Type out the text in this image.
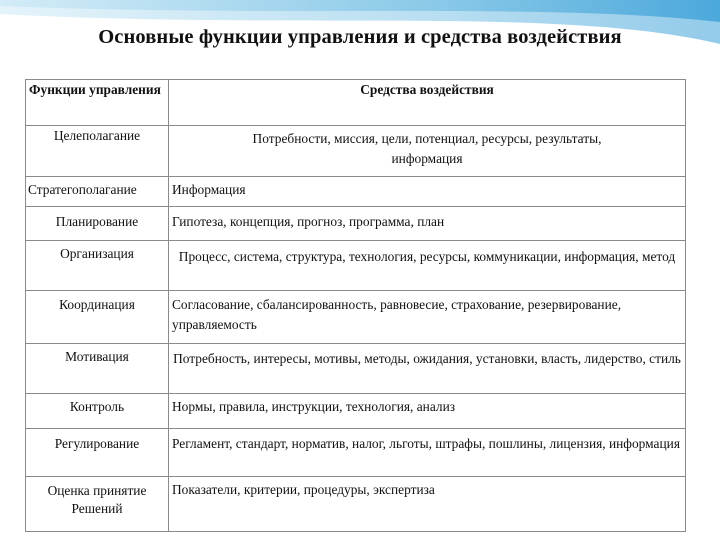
Основные функции управления и средства воздействия
Функции управления	Средства воздействия
Целеполагание	Потребности, миссия, цели, потенциал, ресурсы, результаты, информация
Стратегополагание	Информация
Планирование	Гипотеза, концепция, прогноз, программа, план
Организация	Процесс, система, структура, технология, ресурсы, коммуникации, информация, метод
Координация	Согласование, сбалансированность, равновесие, страхование, резервирование, управляемость
Мотивация	Потребность, интересы, мотивы, методы, ожидания, установки, власть, лидерство, стиль
Контроль	Нормы, правила, инструкции, технология, анализ
Регулирование	Регламент, стандарт, норматив, налог, льготы, штрафы, пошлины, лицензия, информация
Оценка принятие Решений	Показатели, критерии, процедуры, экспертиза
